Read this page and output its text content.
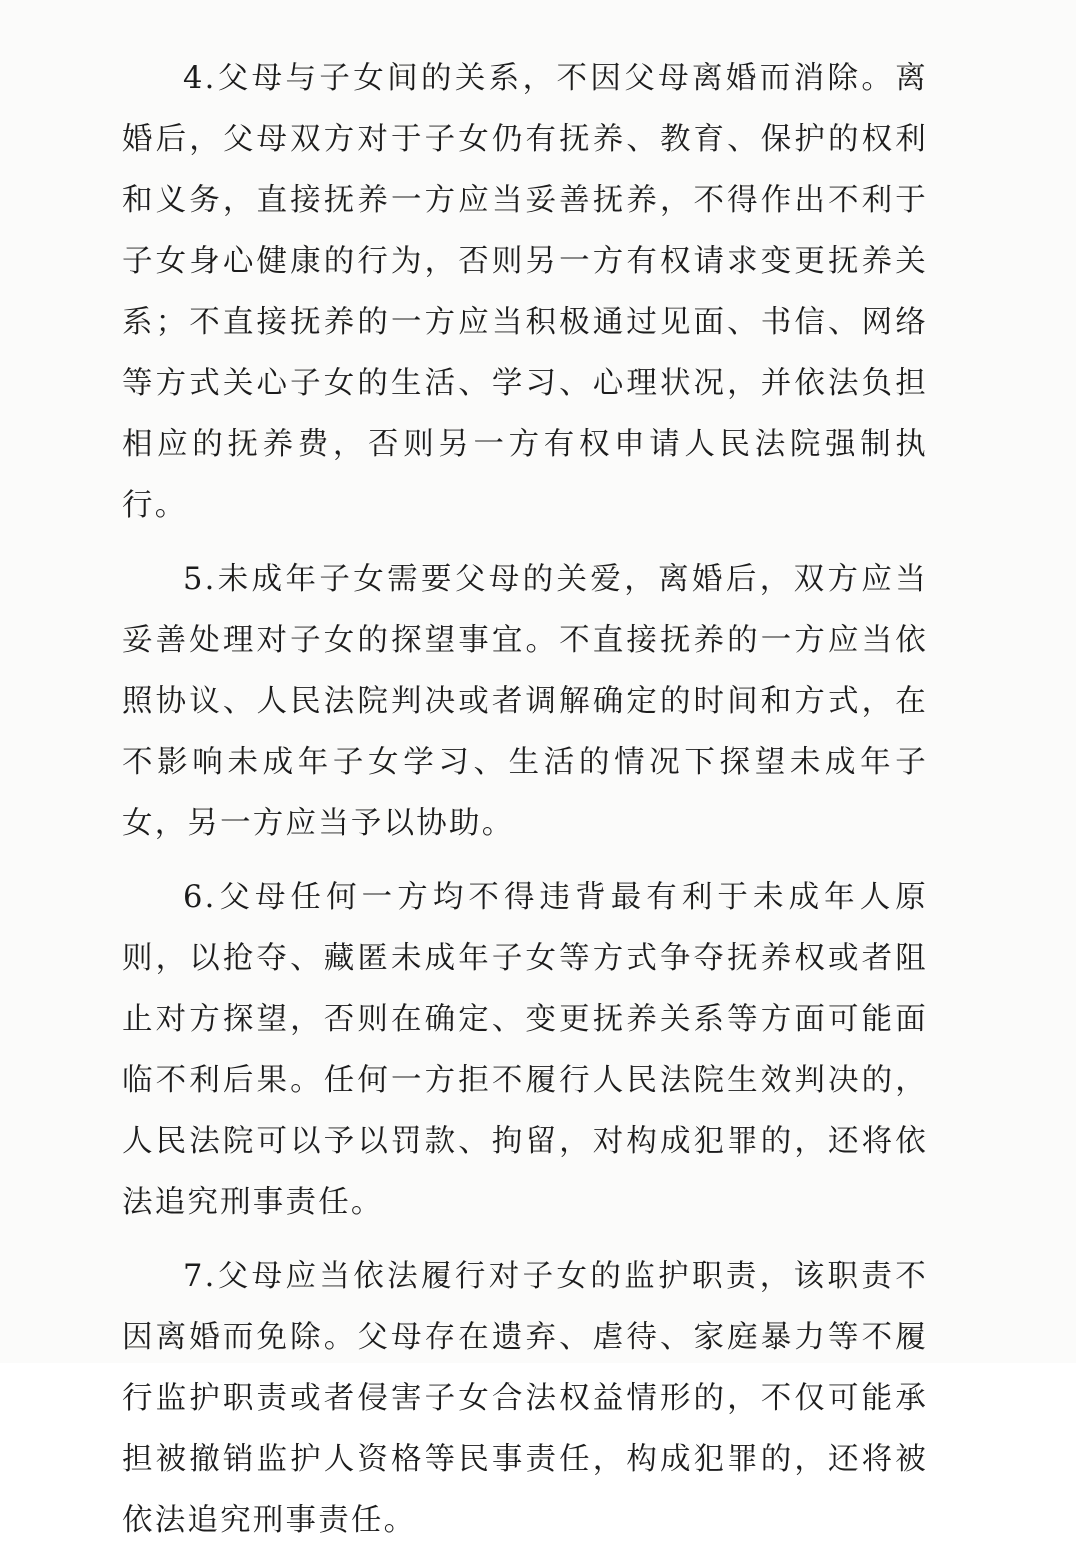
4.父母与子女间的关系，不因父母离婚而消除。离婚后，父母双方对于子女仍有抚养、教育、保护的权利和义务，直接抚养一方应当妥善抚养，不得作出不利于子女身心健康的行为，否则另一方有权请求变更抚养关系；不直接抚养的一方应当积极通过见面、书信、网络等方式关心子女的生活、学习、心理状况，并依法负担相应的抚养费，否则另一方有权申请人民法院强制执行。

5.未成年子女需要父母的关爱，离婚后，双方应当妥善处理对子女的探望事宜。不直接抚养的一方应当依照协议、人民法院判决或者调解确定的时间和方式，在不影响未成年子女学习、生活的情况下探望未成年子女，另一方应当予以协助。

6.父母任何一方均不得违背最有利于未成年人原则，以抢夺、藏匿未成年子女等方式争夺抚养权或者阻止对方探望，否则在确定、变更抚养关系等方面可能面临不利后果。任何一方拒不履行人民法院生效判决的，人民法院可以予以罚款、拘留，对构成犯罪的，还将依法追究刑事责任。

7.父母应当依法履行对子女的监护职责，该职责不因离婚而免除。父母存在遗弃、虐待、家庭暴力等不履行监护职责或者侵害子女合法权益情形的，不仅可能承担被撤销监护人资格等民事责任，构成犯罪的，还将被依法追究刑事责任。
